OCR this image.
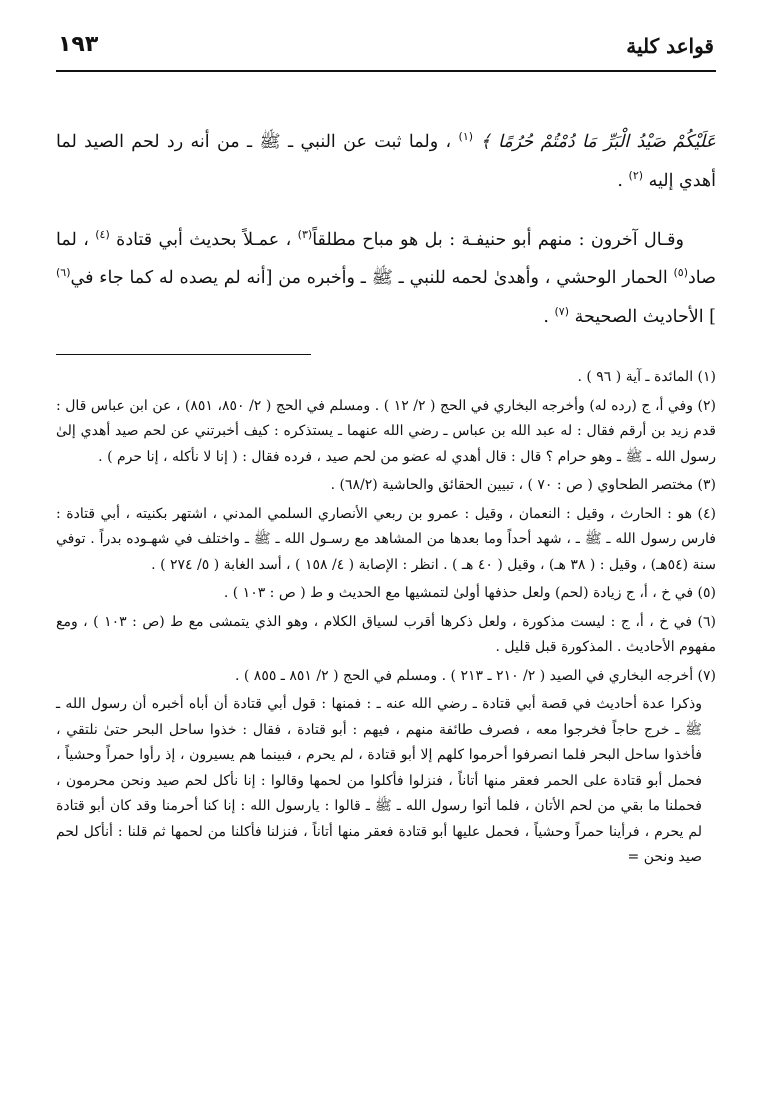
قواعد كلية
١٩٣

عَلَيْكُمْ صَيْدُ الْبَرِّ مَا دُمْتُمْ حُرُمًا ﴾ $^{(١)}$ ، ولما ثبت عن النبي ـ ﷺ ـ من أنه رد لحم الصيد لما أهدي إليه $^{(٢)}$ .

وقـال آخرون : منهم أبو حنيفـة : بل هو مباح مطلقاً$^{(٣)}$ ، عمـلاً بحديث أبي قتادة $^{(٤)}$ ، لما صاد$^{(٥)}$ الحمار الوحشي ، وأهدىٰ لحمه للنبي ـ ﷺ ـ وأخبره من [أنه لم يصده له كما جاء في$^{(٦)}$ ] الأحاديث الصحيحة $^{(٧)}$ .

(١) المائدة ـ آية ( ٩٦ ) .

(٢) وفي أ، ج (رده له) وأخرجه البخاري في الحج ( ٢/ ١٢ ) . ومسلم في الحج ( ٢/ ٨٥٠، ٨٥١) ، عن ابن عباس قال : قدم زيد بن أرقم فقال : له عبد الله بن عباس ـ رضي الله عنهما ـ يستذكره : كيف أخبرتني عن لحم صيد أهدي إلىٰ رسول الله ـ ﷺ ـ وهو حرام ؟ قال : قال أهدي له عضو من لحم صيد ، فرده فقال : ( إنا لا نأكله ، إنا حرم ) .

(٣) مختصر الطحاوي ( ص : ٧٠ ) ، تبيين الحقائق والحاشية (٦٨/٢) .

(٤) هو : الحارث ، وقيل : النعمان ، وقيل : عمرو بن ربعي الأنصاري السلمي المدني ، اشتهر بكنيته ، أبي قتادة : فارس رسول الله ـ ﷺ ـ ، شهد أحداً وما بعدها من المشاهد مع رسـول الله ـ ﷺ ـ واختلف في شهـوده بدراً . توفي سنة (٥٤هـ) ، وقيل : ( ٣٨ هـ) ، وقيل ( ٤٠ هـ ) . انظر : الإصابة ( ٤/ ١٥٨ ) ، أسد الغابة ( ٥/ ٢٧٤ ) .

(٥) في خ ، أ، ج زيادة (لحم) ولعل حذفها أولىٰ لتمشيها مع الحديث و ط ( ص : ١٠٣ ) .

(٦) في خ ، أ، ج : ليست مذكورة ، ولعل ذكرها أقرب لسياق الكلام ، وهو الذي يتمشى مع ط (ص : ١٠٣ ) ، ومع مفهوم الأحاديث . المذكورة قبل قليل .

(٧) أخرجه البخاري في الصيد ( ٢/ ٢١٠ ـ ٢١٣ ) . ومسلم في الحج ( ٢/ ٨٥١ ـ ٨٥٥ ) .

وذكرا عدة أحاديث في قصة أبي قتادة ـ رضي الله عنه ـ : فمنها : قول أبي قتادة أن أباه أخبره أن رسول الله ـ ﷺ ـ خرج حاجاً فخرجوا معه ، فصرف طائفة منهم ، فيهم : أبو قتادة ، فقال : خذوا ساحل البحر حتىٰ نلتقي ، فأخذوا ساحل البحر فلما انصرفوا أحرموا كلهم إلا أبو قتادة ، لم يحرم ، فبينما هم يسيرون ، إذ رأوا حمراً وحشياً ، فحمل أبو قتادة على الحمر فعقر منها أتاناً ، فنزلوا فأكلوا من لحمها وقالوا : إنا نأكل لحم صيد ونحن محرمون ، فحملنا ما بقي من لحم الأتان ، فلما أتوا رسول الله ـ ﷺ ـ قالوا : يارسول الله : إنا كنا أحرمنا وقد كان أبو قتادة لم يحرم ، فرأينا حمراً وحشياً ، فحمل عليها أبو قتادة فعقر منها أتاناً ، فنزلنا فأكلنا من لحمها ثم قلنا : أنأكل لحم صيد ونحن =
